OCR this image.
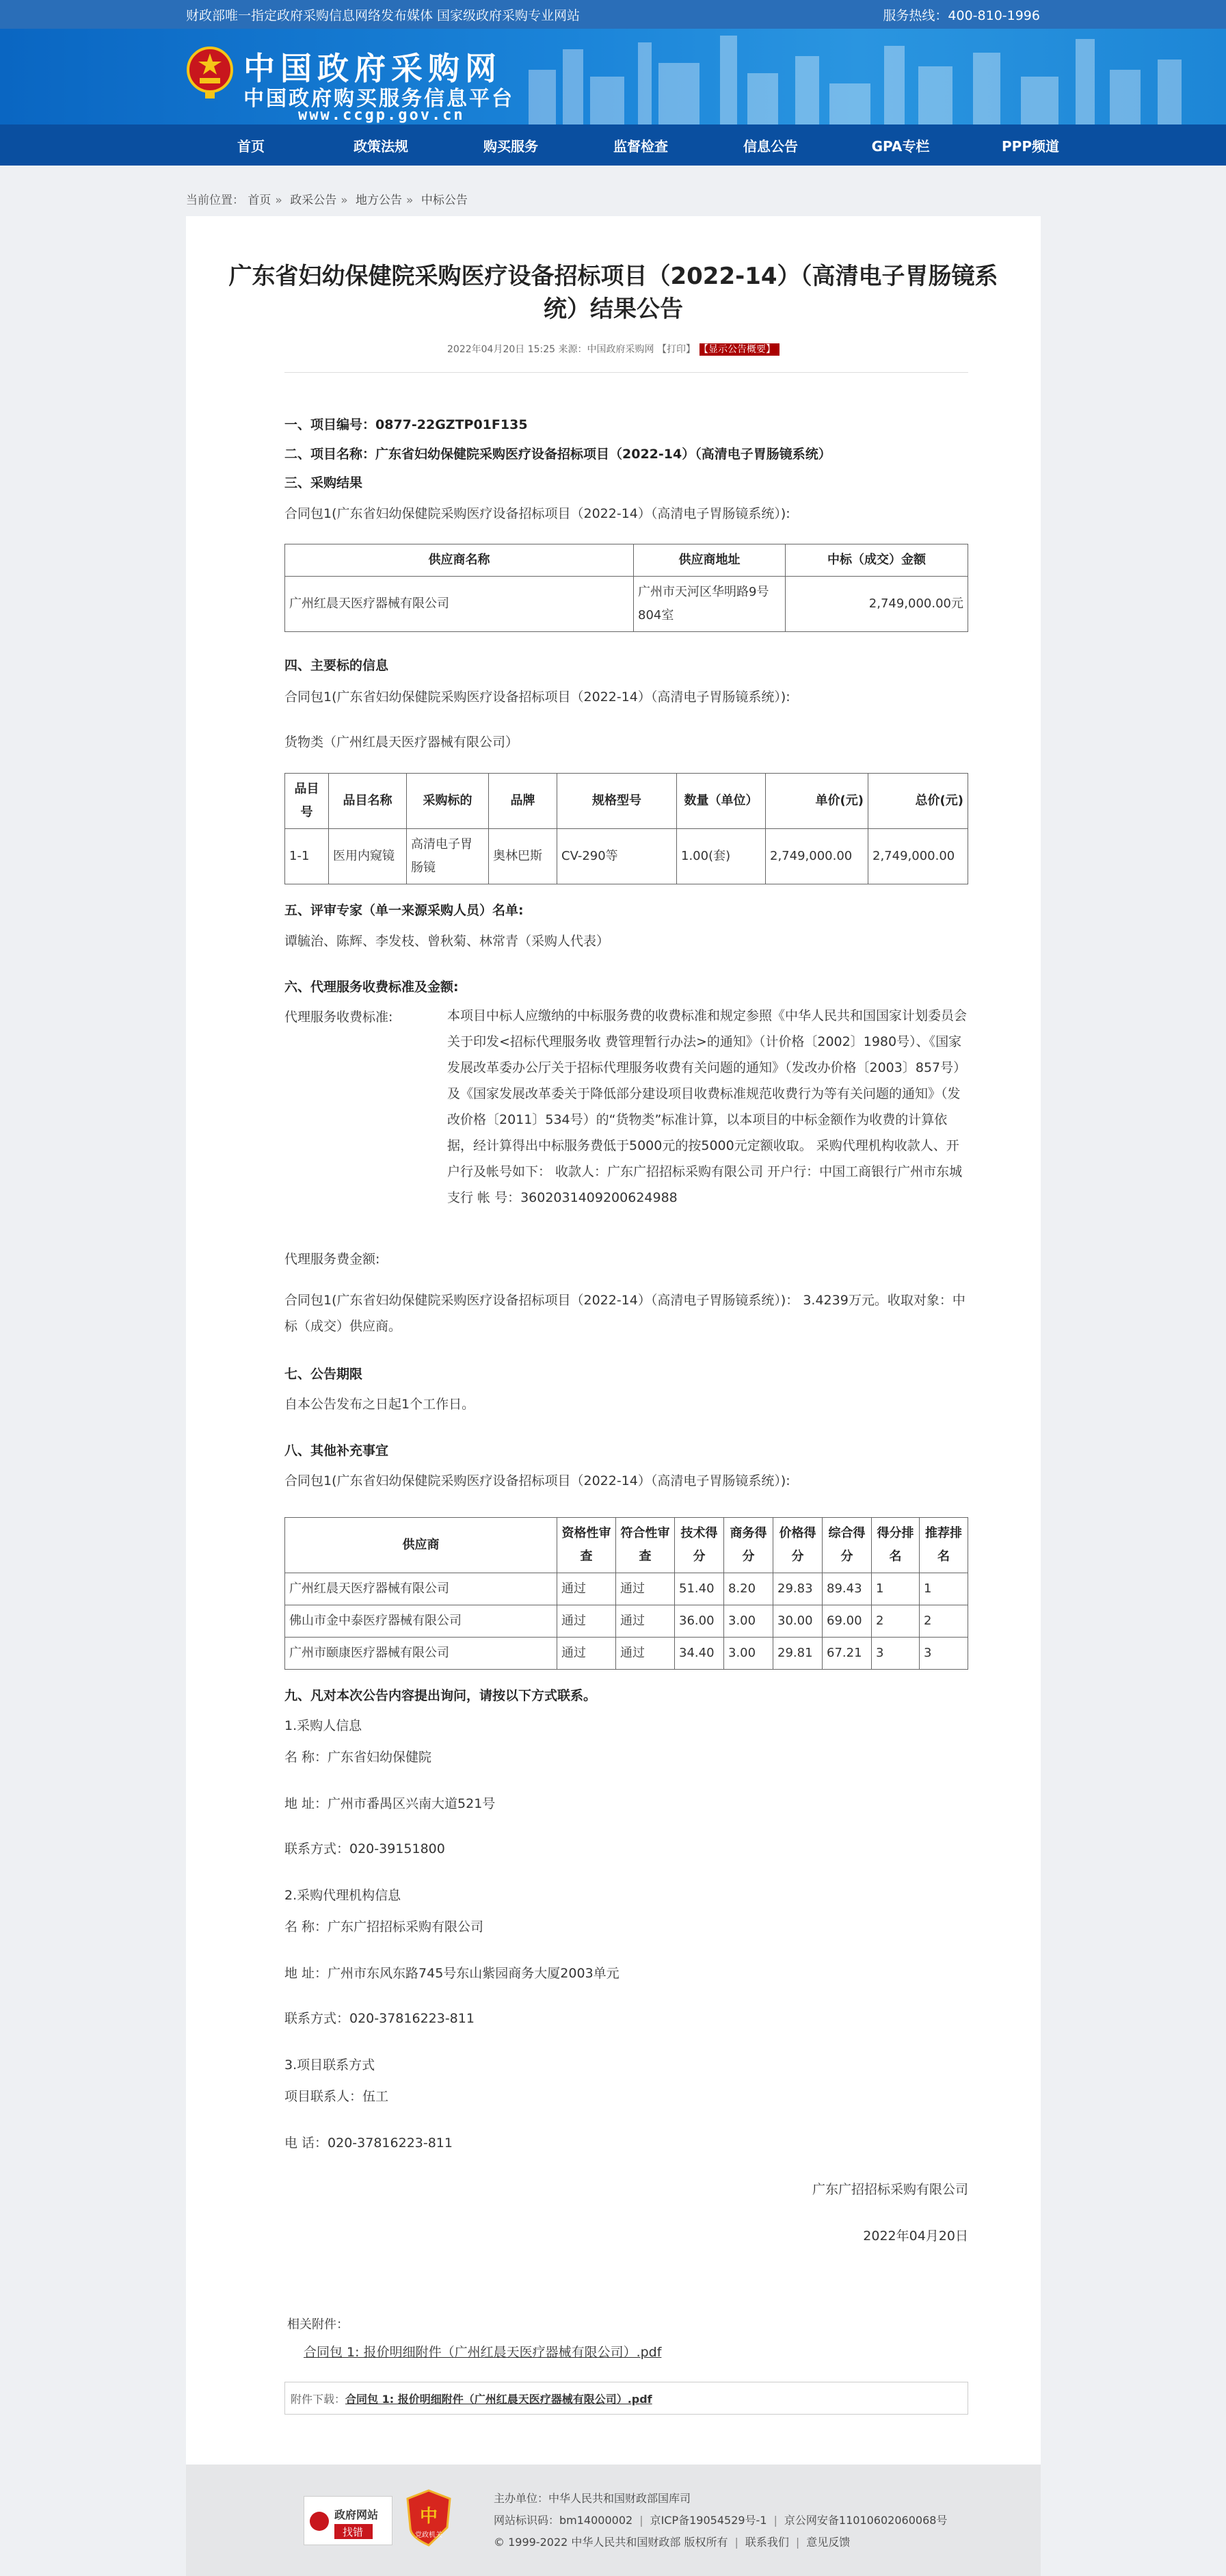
财政部唯一指定政府采购信息网络发布媒体 国家级政府采购专业网站	服务热线：400-810-1996
中国政府采购网
中国政府购买服务信息平台
www.ccgp.gov.cn
首页	政策法规	购买服务	监督检查	信息公告	GPA专栏	PPP频道
当前位置： 首页 » 政采公告 » 地方公告 » 中标公告
广东省妇幼保健院采购医疗设备招标项目（2022-14）（高清电子胃肠镜系统）结果公告
2022年04月20日 15:25 来源：中国政府采购网 【打印】 【显示公告概要】
一、项目编号：0877-22GZTP01F135
二、项目名称：广东省妇幼保健院采购医疗设备招标项目（2022-14）（高清电子胃肠镜系统）
三、采购结果
合同包1(广东省妇幼保健院采购医疗设备招标项目（2022-14）（高清电子胃肠镜系统）):
供应商名称	供应商地址	中标（成交）金额
广州红晨天医疗器械有限公司	广州市天河区华明路9号804室	2,749,000.00元
四、主要标的信息
合同包1(广东省妇幼保健院采购医疗设备招标项目（2022-14）（高清电子胃肠镜系统）):
货物类（广州红晨天医疗器械有限公司）
品目号	品目名称	采购标的	品牌	规格型号	数量（单位）	单价(元)	总价(元)
1-1	医用内窥镜	高清电子胃肠镜	奥林巴斯	CV-290等	1.00(套)	2,749,000.00	2,749,000.00
五、评审专家（单一来源采购人员）名单:
谭毓治、陈辉、李发枝、曾秋菊、林常青（采购人代表）
六、代理服务收费标准及金额:
代理服务收费标准:	本项目中标人应缴纳的中标服务费的收费标准和规定参照《中华人民共和国国家计划委员会关于印发<招标代理服务收 费管理暂行办法>的通知》（计价格〔2002〕1980号）、《国家发展改革委办公厅关于招标代理服务收费有关问题的通知》（发改办价格〔2003〕857号）及《国家发展改革委关于降低部分建设项目收费标准规范收费行为等有关问题的通知》（发改价格〔2011〕534号）的“货物类”标准计算，以本项目的中标金额作为收费的计算依据，经计算得出中标服务费低于5000元的按5000元定额收取。 采购代理机构收款人、开户行及帐号如下： 收款人：广东广招招标采购有限公司 开户行：中国工商银行广州市东城支行 帐 号：3602031409200624988
代理服务费金额:
合同包1(广东省妇幼保健院采购医疗设备招标项目（2022-14）（高清电子胃肠镜系统）)： 3.4239万元。收取对象：中标（成交）供应商。
七、公告期限
自本公告发布之日起1个工作日。
八、其他补充事宜
合同包1(广东省妇幼保健院采购医疗设备招标项目（2022-14）（高清电子胃肠镜系统）):
供应商	资格性审查	符合性审查	技术得分	商务得分	价格得分	综合得分	得分排名	推荐排名
广州红晨天医疗器械有限公司	通过	通过	51.40	8.20	29.83	89.43	1	1
佛山市金中泰医疗器械有限公司	通过	通过	36.00	3.00	30.00	69.00	2	2
广州市颐康医疗器械有限公司	通过	通过	34.40	3.00	29.81	67.21	3	3
九、凡对本次公告内容提出询问，请按以下方式联系。
1.采购人信息
名 称：广东省妇幼保健院
地 址：广州市番禺区兴南大道521号
联系方式：020-39151800
2.采购代理机构信息
名 称：广东广招招标采购有限公司
地 址：广州市东风东路745号东山紫园商务大厦2003单元
联系方式：020-37816223-811
3.项目联系方式
项目联系人：伍工
电 话：020-37816223-811
广东广招招标采购有限公司
2022年04月20日
相关附件：
合同包 1: 报价明细附件（广州红晨天医疗器械有限公司）.pdf
附件下载：合同包 1: 报价明细附件（广州红晨天医疗器械有限公司）.pdf
政府网站
找错
中
党政机关
主办单位：中华人民共和国财政部国库司
网站标识码：bm14000002 | 京ICP备19054529号-1 | 京公网安备11010602060068号
© 1999-2022 中华人民共和国财政部 版权所有 | 联系我们 | 意见反馈
